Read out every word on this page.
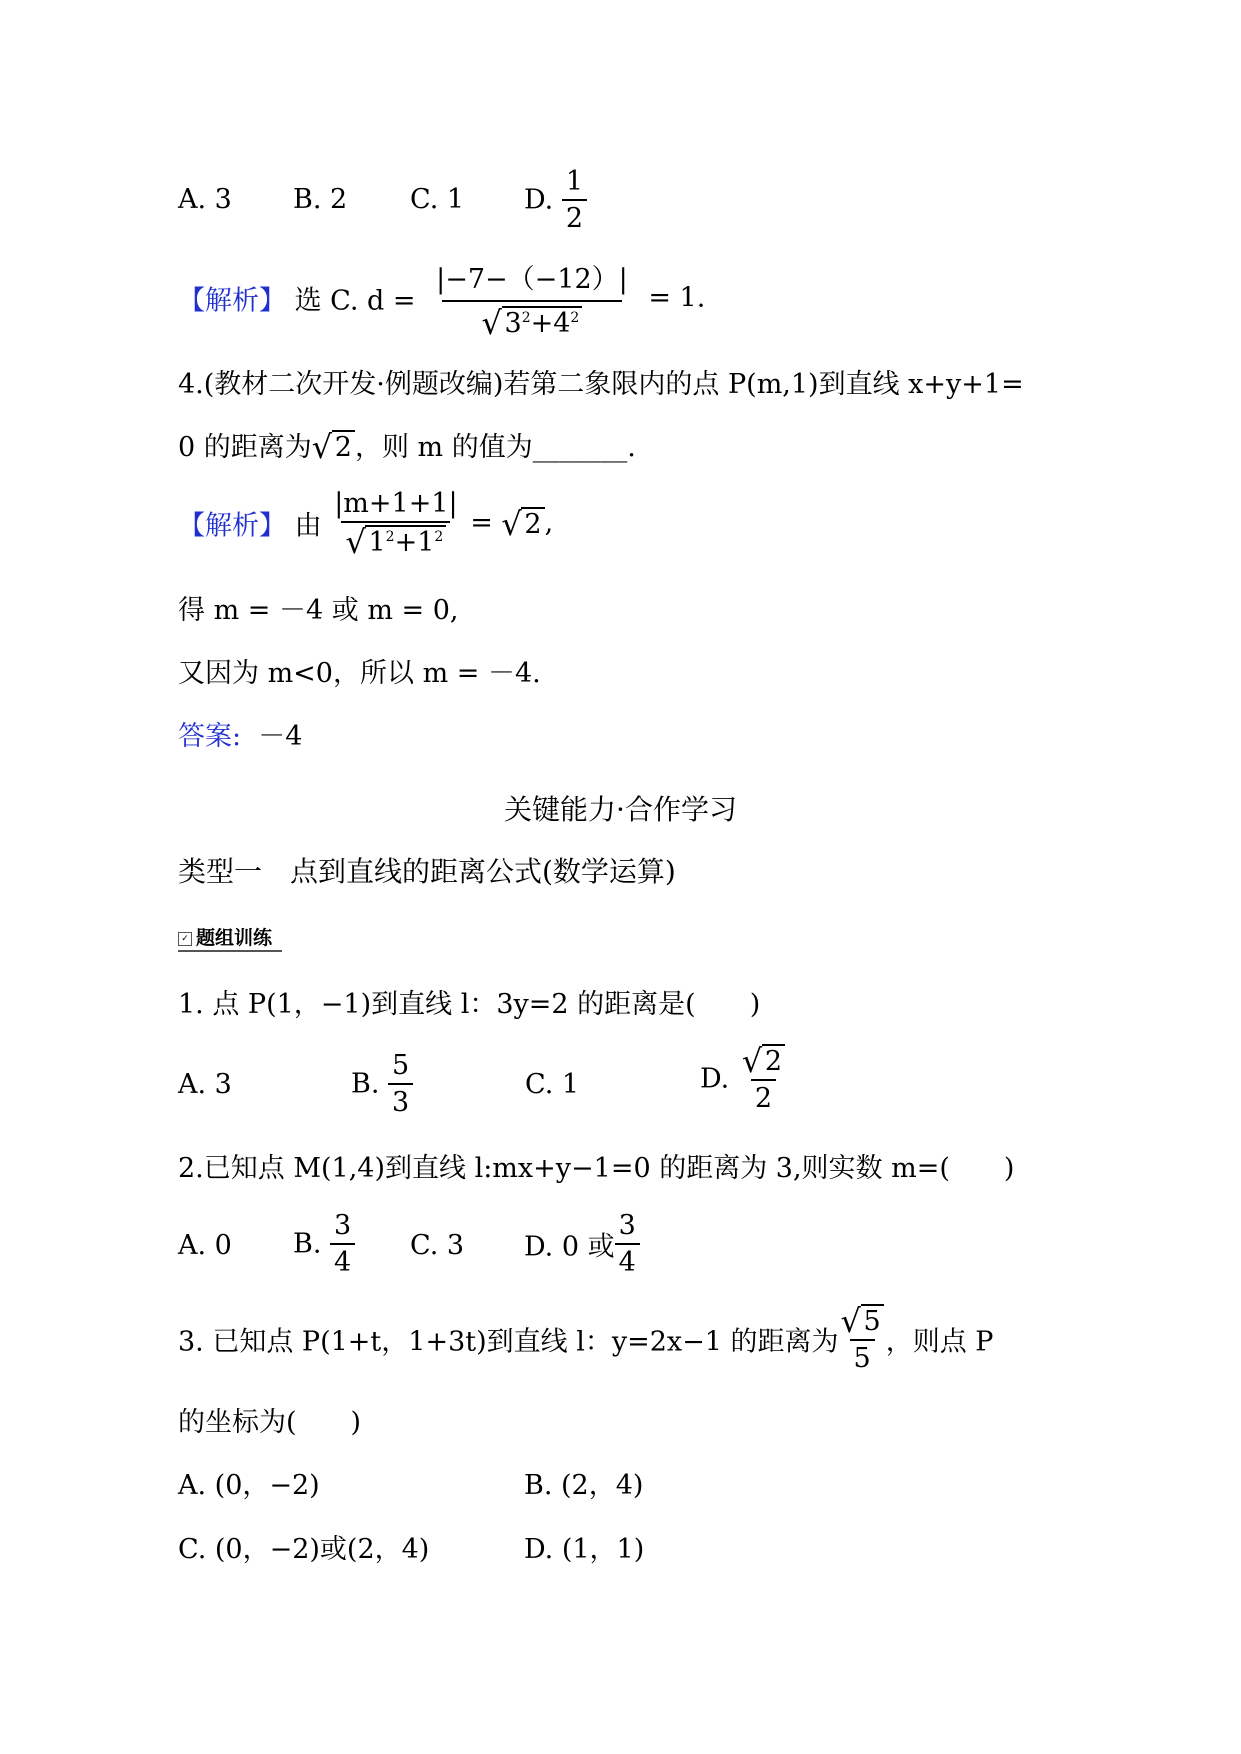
A. 3 B. 2 C. 1 D. $\frac{1}{2}$
【解析】 选 C. $d = \frac{|-7-(-12)|}{√ 3^2+4^2} = 1$.
4.(教材二次开发·例题改编)若第二象限内的点 P(m,1)到直线 x+y+1=
0 的距离为 √ 2 ，则 m 的值为_______.
【解析】 由 $\frac{|m+1+1|}{√ 1^2+1^2}$ = √ 2 ,
得 m = －4 或 m = 0,
又因为 m<0，所以 m = －4.
答案: －4
关键能力·合作学习
类型一　点到直线的距离公式(数学运算)
✓ 题组训练
1. 点 P(1，−1)到直线 l：3y=2 的距离是(　　)
A. 3	B. $\frac{5}{3}$	C. 1	D. $\frac{√ 2}{2}$
2.已知点 M(1,4)到直线 l:mx+y−1=0 的距离为 3,则实数 m=(　　)
A. 0 B. $\frac{3}{4} C$. 3 D. 0 或 $\frac{3}{4}$
3. 已知点 P(1+t，1+3t)到直线 l：y=2x−1 的距离为 $\frac{√ 5}{5}$ ，则点 P
的坐标为(　　)
A. (0，−2)	B. (2，4)
C. (0，−2)或(2，4)	D. (1，1)
